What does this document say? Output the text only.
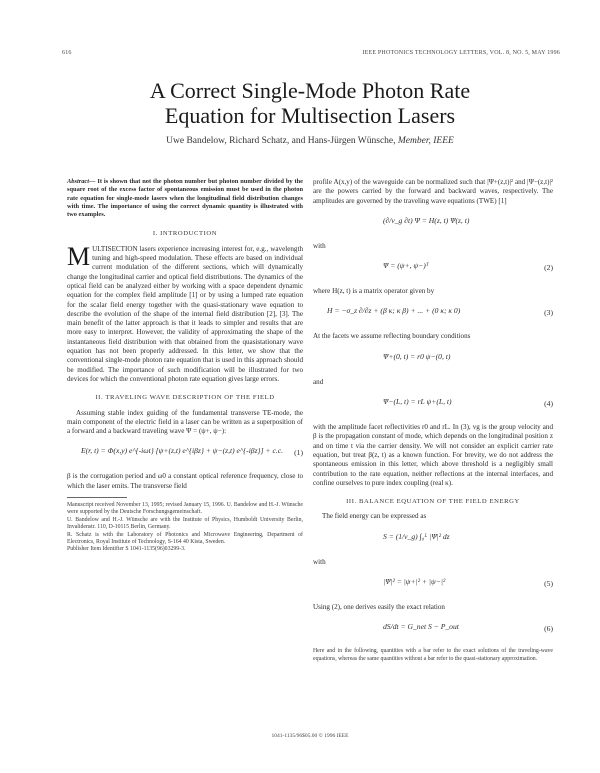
616	IEEE PHOTONICS TECHNOLOGY LETTERS, VOL. 8, NO. 5, MAY 1996
A Correct Single-Mode Photon Rate
Equation for Multisection Lasers
Uwe Bandelow, Richard Schatz, and Hans-Jürgen Wünsche, Member, IEEE
Abstract— It is shown that not the photon number but photon number divided by the square root of the excess factor of spontaneous emission must be used in the photon rate equation for single-mode lasers when the longitudinal field distribution changes with time. The importance of using the correct dynamic quantity is illustrated with two examples.
I. INTRODUCTION

M ULTISECTION lasers experience increasing interest for, e.g., wavelength tuning and high-speed modulation. These effects are based on individual current modulation of the different sections, which will dynamically change the longitudinal carrier and optical field distributions. The dynamics of the optical field can be analyzed either by working with a space dependent dynamic equation for the complex field amplitude [1] or by using a lumped rate equation for the scalar field energy together with the quasi-stationary wave equation to describe the evolution of the shape of the internal field distribution [2], [3]. The main benefit of the latter approach is that it leads to simpler and results that are more easy to interpret. However, the validity of approximating the shape of the instantaneous field distribution with that obtained from the quasistationary wave equation has not been properly addressed. In this letter, we show that the conventional single-mode photon rate equation that is used in this approach should be modified. The importance of such modification will be illustrated for two devices for which the conventional photon rate equation gives large errors.

II. TRAVELING WAVE DESCRIPTION OF THE FIELD

Assuming stable index guiding of the fundamental transverse TE-mode, the main component of the electric field in a laser can be written as a superposition of a forward and a backward traveling wave Ψ = (ψ+, ψ−):

E(r, t) = Φ(x,y) e^{-iωt} [ψ+(z,t) e^{iβz} + ψ−(z,t) e^{-iβz}] + c.c. (1)

β is the corrugation period and ω0 a constant optical reference frequency, close to which the laser emits. The transverse field

Manuscript received November 13, 1995; revised January 15, 1996. U. Bandelow and H.-J. Wünsche were supported by the Deutsche Forschungsgemeinschaft.
U. Bandelow and H.-J. Wünsche are with the Institute of Physics, Humboldt University Berlin, Invalidenstr. 110, D-10115 Berlin, Germany.
R. Schatz is with the Laboratory of Photonics and Microwave Engineering, Department of Electronics, Royal Institute of Technology, S-164 40 Kista, Sweden.
Publisher Item Identifier S 1041-1135(96)03299-3.

profile A(x,y) of the waveguide can be normalized such that |Ψ+(z,t)|² and |Ψ−(z,t)|² are the powers carried by the forward and backward waves, respectively. The amplitudes are governed by the traveling wave equations (TWE) [1]

(∂/v_g ∂t) Ψ = H(z, t) Ψ(z, t)

with

Ψ = (ψ+, ψ−)ᵀ	(2)

where H(z, t) is a matrix operator given by

H = −σ_z ∂/∂z + (β κ; κ β) + ... + (0 κ; κ 0)	(3)

At the facets we assume reflecting boundary conditions

Ψ+(0, t) = r0 ψ−(0, t)

and

Ψ−(L, t) = rL ψ+(L, t)	(4)

with the amplitude facet reflectivities r0 and rL. In (3), vg is the group velocity and β is the propagation constant of mode, which depends on the longitudinal position z and on time t via the carrier density. We will not consider an explicit carrier rate equation, but treat β(z, t) as a known function. For brevity, we do not address the spontaneous emission in this letter, which above threshold is a negligibly small contribution to the rate equation, neither reflections at the internal interfaces, and confine ourselves to pure index coupling (real κ).

III. BALANCE EQUATION OF THE FIELD ENERGY

The field energy can be expressed as

S = (1/v_g) ∫₀ᴸ |Ψ|² dz

with

|Ψ|² = |ψ+|² + |ψ−|²	(5)

Using (2), one derives easily the exact relation

dS/dt = G_net S − P_out	(6)
Here and in the following, quantities with a bar refer to the exact solutions of the traveling-wave equations, whereas the same quantities without a bar refer to the quasi-stationary approximation.
1041-1135/96$05.00 © 1996 IEEE
